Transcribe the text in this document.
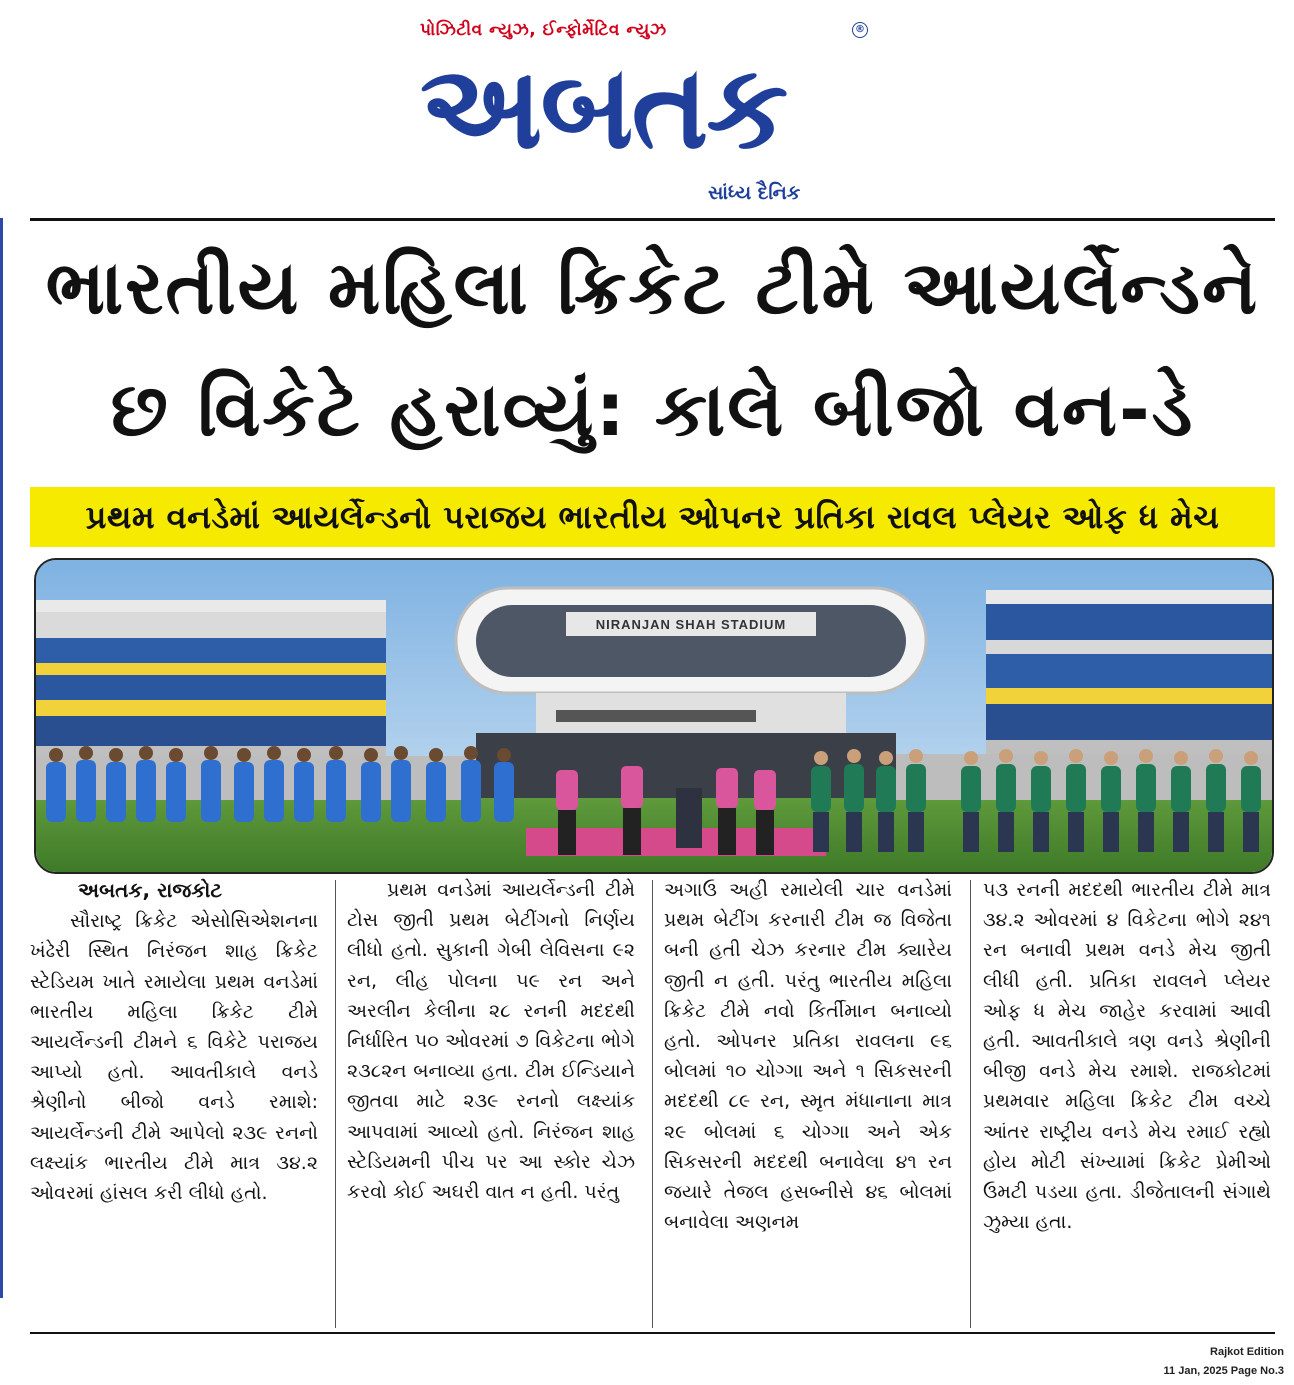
પોઝિટીવ ન્યુઝ, ઈન્ફોર્મેટિવ ન્યુઝ	®
અબતક
સાંધ્ય દૈનિક
ભારતીય મહિલા ક્રિકેટ ટીમે આયર્લેન્ડને
છ વિકેટે હરાવ્યું: કાલે બીજો વન-ડે
પ્રથમ વનડેમાં આયર્લેન્ડનો પરાજય ભારતીય ઓપનર પ્રતિકા રાવલ પ્લેયર ઓફ ધ મેચ
NIRANJAN SHAH STADIUM
અબતક, રાજકોટ
સૌરાષ્ટ્ર ક્રિકેટ એસોસિએશનના ખંઢેરી સ્થિત નિરંજન શાહ ક્રિકેટ સ્ટેડિયમ ખાતે રમાયેલા પ્રથમ વનડેમાં ભારતીય મહિલા ક્રિકેટ ટીમે આયર્લેન્ડની ટીમને ૬ વિકેટે પરાજય આપ્યો હતો. આવતીકાલે વનડે શ્રેણીનો બીજો વનડે રમાશે: આયર્લેન્ડની ટીમે આપેલો ૨૩૯ રનનો લક્ષ્યાંક ભારતીય ટીમે માત્ર ૩૪.૨ ઓવરમાં હાંસલ કરી લીધો હતો.
પ્રથમ વનડેમાં આયર્લેન્ડની ટીમે ટોસ જીતી પ્રથમ બેટીંગનો નિર્ણય લીધો હતો. સુકાની ગેબી લેવિસના ૯૨ રન, લીહ પોલના ૫૯ રન અને અરલીન કેલીના ૨૮ રનની મદદથી નિર્ધારિત ૫૦ ઓવરમાં ૭ વિકેટના ભોગે ૨૩૮૨ન બનાવ્યા હતા. ટીમ ઈન્ડિયાને જીતવા માટે ૨૩૯ રનનો લક્ષ્યાંક આપવામાં આવ્યો હતો. નિરંજન શાહ સ્ટેડિયમની પીચ પર આ સ્કોર ચેઝ કરવો કોઈ અઘરી વાત ન હતી. પરંતુ
અગાઉ અહી રમાયેલી ચાર વનડેમાં પ્રથમ બેટીંગ કરનારી ટીમ જ વિજેતા બની હતી ચેઝ કરનાર ટીમ ક્યારેય જીતી ન હતી. પરંતુ ભારતીય મહિલા ક્રિકેટ ટીમે નવો કિર્તીમાન બનાવ્યો હતો. ઓપનર પ્રતિકા રાવલના ૯૬ બોલમાં ૧૦ ચોગ્ગા અને ૧ સિકસરની મદદથી ૮૯ રન, સ્મૃત મંધાનાના માત્ર ૨૯ બોલમાં ૬ ચોગ્ગા અને એક સિકસરની મદદથી બનાવેલા ૪૧ રન જયારે તેજલ હસબ્નીસે ૪૬ બોલમાં બનાવેલા અણનમ
૫૩ રનની મદદથી ભારતીય ટીમે માત્ર ૩૪.૨ ઓવરમાં ૪ વિકેટના ભોગે ૨૪૧ રન બનાવી પ્રથમ વનડે મેચ જીતી લીધી હતી. પ્રતિકા રાવલને પ્લેયર ઓફ ધ મેચ જાહેર કરવામાં આવી હતી. આવતીકાલે ત્રણ વનડે શ્રેણીની બીજી વનડે મેચ રમાશે. રાજકોટમાં પ્રથમવાર મહિલા ક્રિકેટ ટીમ વચ્ચે આંતર રાષ્ટ્રીય વનડે મેચ રમાઈ રહ્યો હોય મોટી સંખ્યામાં ક્રિકેટ પ્રેમીઓ ઉમટી પડયા હતા. ડીજેતાલની સંગાથે ઝુમ્યા હતા.
Rajkot Edition
11 Jan, 2025 Page No.3
